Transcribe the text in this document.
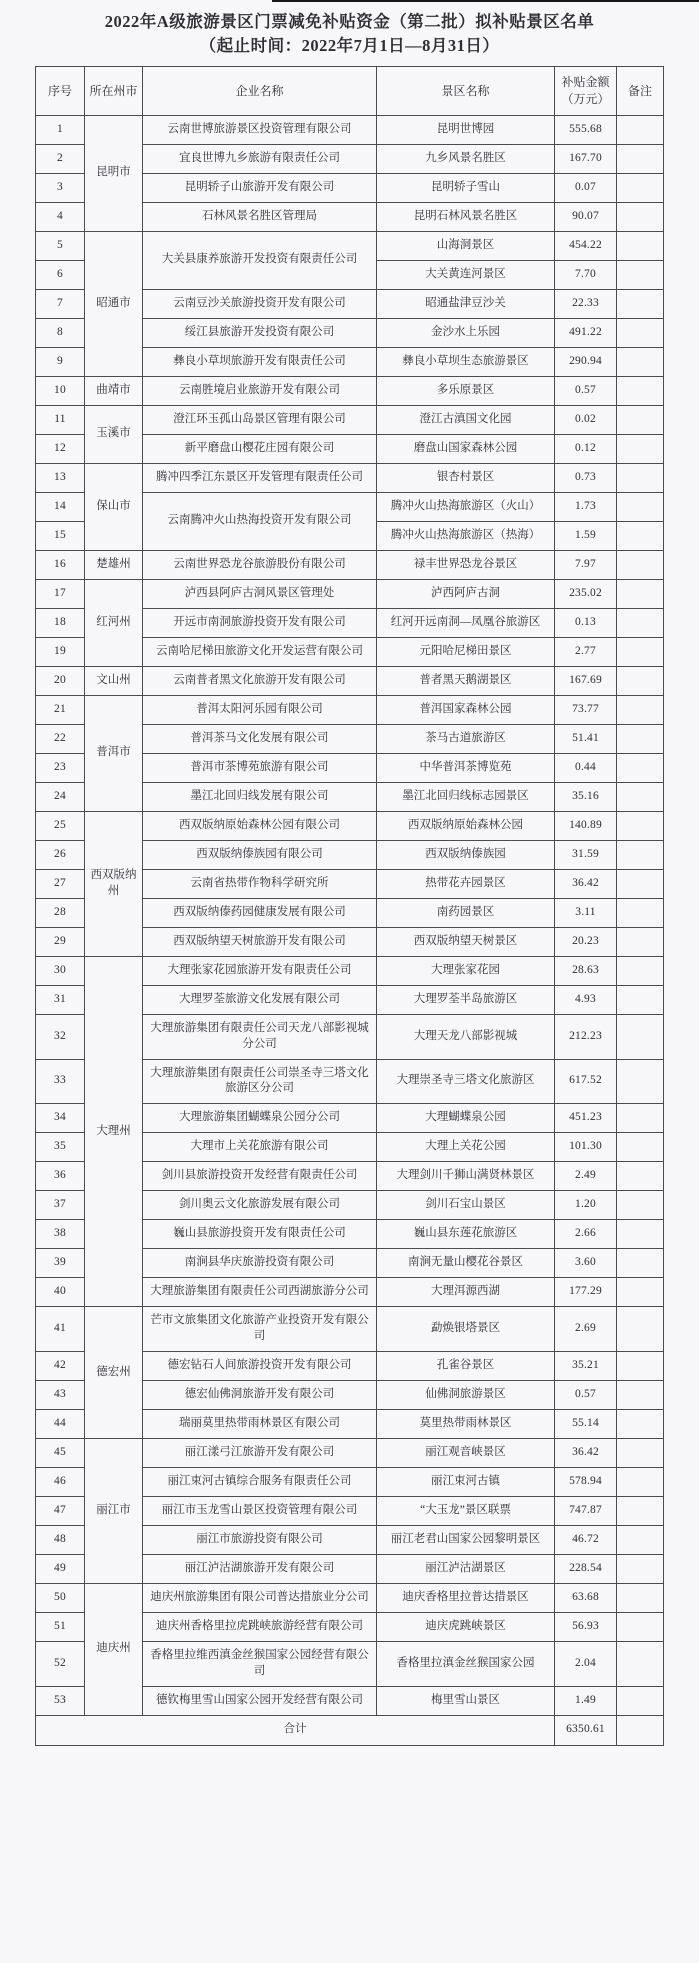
2022年A级旅游景区门票减免补贴资金（第二批）拟补贴景区名单
（起止时间：2022年7月1日—8月31日）
序号	所在州市	企业名称	景区名称	补贴金额（万元）	备注
1	昆明市	云南世博旅游景区投资管理有限公司	昆明世博园	555.68	
2		宜良世博九乡旅游有限责任公司	九乡风景名胜区	167.70	
3		昆明轿子山旅游开发有限公司	昆明轿子雪山	0.07	
4		石林风景名胜区管理局	昆明石林风景名胜区	90.07	
5	昭通市	大关县康养旅游开发投资有限责任公司	山海洞景区	454.22	
6			大关黄连河景区	7.70	
7		云南豆沙关旅游投资开发有限公司	昭通盐津豆沙关	22.33	
8		绥江县旅游开发投资有限公司	金沙水上乐园	491.22	
9		彝良小草坝旅游开发有限责任公司	彝良小草坝生态旅游景区	290.94	
10	曲靖市	云南胜境启业旅游开发有限公司	多乐原景区	0.57	
11	玉溪市	澄江环玉孤山岛景区管理有限公司	澄江古滇国文化园	0.02	
12		新平磨盘山樱花庄园有限公司	磨盘山国家森林公园	0.12	
13	保山市	腾冲四季江东景区开发管理有限责任公司	银杏村景区	0.73	
14		云南腾冲火山热海投资开发有限公司	腾冲火山热海旅游区（火山）	1.73	
15			腾冲火山热海旅游区（热海）	1.59	
16	楚雄州	云南世界恐龙谷旅游股份有限公司	禄丰世界恐龙谷景区	7.97	
17	红河州	泸西县阿庐古洞风景区管理处	泸西阿庐古洞	235.02	
18		开远市南洞旅游投资开发有限公司	红河开远南洞—凤凰谷旅游区	0.13	
19		云南哈尼梯田旅游文化开发运营有限公司	元阳哈尼梯田景区	2.77	
20	文山州	云南普者黑文化旅游开发有限公司	普者黑天鹅湖景区	167.69	
21	普洱市	普洱太阳河乐园有限公司	普洱国家森林公园	73.77	
22		普洱茶马文化发展有限公司	茶马古道旅游区	51.41	
23		普洱市茶博苑旅游有限公司	中华普洱茶博览苑	0.44	
24		墨江北回归线发展有限公司	墨江北回归线标志园景区	35.16	
25	西双版纳州	西双版纳原始森林公园有限公司	西双版纳原始森林公园	140.89	
26		西双版纳傣族园有限公司	西双版纳傣族园	31.59	
27		云南省热带作物科学研究所	热带花卉园景区	36.42	
28		西双版纳傣药园健康发展有限公司	南药园景区	3.11	
29		西双版纳望天树旅游开发有限公司	西双版纳望天树景区	20.23	
30	大理州	大理张家花园旅游开发有限责任公司	大理张家花园	28.63	
31		大理罗荃旅游文化发展有限公司	大理罗荃半岛旅游区	4.93	
32		大理旅游集团有限责任公司天龙八部影视城分公司	大理天龙八部影视城	212.23	
33		大理旅游集团有限责任公司崇圣寺三塔文化旅游区分公司	大理崇圣寺三塔文化旅游区	617.52	
34		大理旅游集团蝴蝶泉公园分公司	大理蝴蝶泉公园	451.23	
35		大理市上关花旅游有限公司	大理上关花公园	101.30	
36		剑川县旅游投资开发经营有限责任公司	大理剑川千狮山满贤林景区	2.49	
37		剑川奥云文化旅游发展有限公司	剑川石宝山景区	1.20	
38		巍山县旅游投资开发有限责任公司	巍山县东莲花旅游区	2.66	
39		南涧县华庆旅游投资有限公司	南涧无量山樱花谷景区	3.60	
40		大理旅游集团有限责任公司西湖旅游分公司	大理洱源西湖	177.29	
41	德宏州	芒市文旅集团文化旅游产业投资开发有限公司	勐焕银塔景区	2.69	
42		德宏钻石人间旅游投资开发有限公司	孔雀谷景区	35.21	
43		德宏仙佛洞旅游开发有限公司	仙佛洞旅游景区	0.57	
44		瑞丽莫里热带雨林景区有限公司	莫里热带雨林景区	55.14	
45	丽江市	丽江漾弓江旅游开发有限公司	丽江观音峡景区	36.42	
46		丽江束河古镇综合服务有限责任公司	丽江束河古镇	578.94	
47		丽江市玉龙雪山景区投资管理有限公司	“大玉龙”景区联票	747.87	
48		丽江市旅游投资有限公司	丽江老君山国家公园黎明景区	46.72	
49		丽江泸沽湖旅游开发有限公司	丽江泸沽湖景区	228.54	
50	迪庆州	迪庆州旅游集团有限公司普达措旅业分公司	迪庆香格里拉普达措景区	63.68	
51		迪庆州香格里拉虎跳峡旅游经营有限公司	迪庆虎跳峡景区	56.93	
52		香格里拉维西滇金丝猴国家公园经营有限公司	香格里拉滇金丝猴国家公园	2.04	
53		德钦梅里雪山国家公园开发经营有限公司	梅里雪山景区	1.49	
合计				6350.61	
